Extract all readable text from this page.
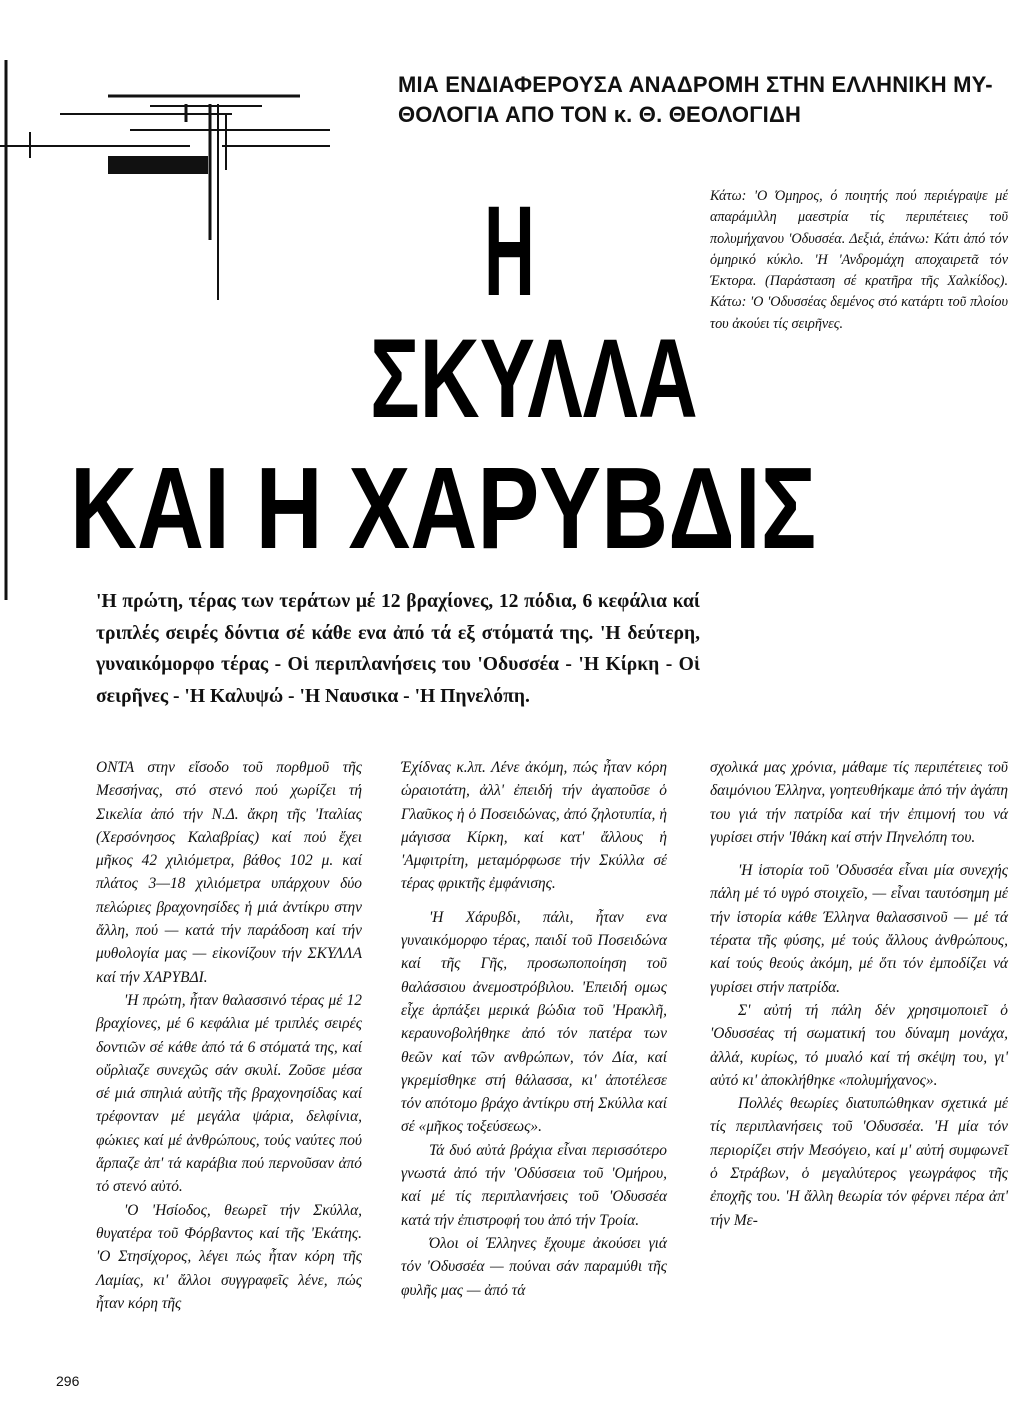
ΜΙΑ ΕΝΔΙΑΦΕΡΟΥΣΑ ΑΝΑΔΡΟΜΗ ΣΤΗΝ ΕΛΛΗΝΙΚΗ ΜΥ-ΘΟΛΟΓΙΑ ΑΠΟ ΤΟΝ κ. Θ. ΘΕΟΛΟΓΙΔΗ

Κάτω: 'Ο Όμηρος, ό ποιητής πού περιέγραψε μέ απαράμιλλη μαεστρία τίς περιπέτειες τοῦ πολυμήχανου 'Οδυσσέα. Δεξιά, ἐπάνω: Κάτι ἀπό τόν ὁμηρικό κύκλο. 'Η 'Ανδρομάχη αποχαιρετᾶ τόν Έκτορα. (Παράσταση σέ κρατῆρα τῆς Χαλκίδος). Κάτω: 'Ο 'Οδυσσέας δεμένος στό κατάρτι τοῦ πλοίου του ἀκούει τίς σειρῆνες.

Η
ΣΚΥΛΛΑ
ΚΑΙ Η ΧΑΡΥΒΔΙΣ

'Η πρώτη, τέρας των τεράτων μέ 12 βραχίονες, 12 πόδια, 6 κεφάλια καί τριπλές σειρές δόντια σέ κάθε ενα ἀπό τά εξ στόματά της. 'Η δεύτερη, γυναικόμορφο τέρας - Οἱ περιπλανήσεις του 'Οδυσσέα - 'Η Κίρκη - Οἱ σειρῆνες - 'Η Καλυψώ - 'Η Ναυσικα - 'Η Πηνελόπη.

ΟΝΤΑ στην εἴσοδο τοῦ πορθμοῦ τῆς Μεσσήνας, στό στενό πού χωρίζει τή Σικελία ἀπό τήν Ν.Δ. ἄκρη τῆς 'Ιταλίας (Χερσόνησος Καλαβρίας) καί πού ἔχει μῆκος 42 χιλιόμετρα, βάθος 102 μ. καί πλάτος 3—18 χιλιόμετρα υπάρχουν δύο πελώριες βραχονησίδες ἡ μιά ἀντίκρυ στην ἄλλη, πού — κατά τήν παράδοση καί τήν μυθολογία μας — εἰκονίζουν τήν ΣΚΥΛΛΑ καί τήν ΧΑΡΥΒΔΙ.

'Η πρώτη, ἦταν θαλασσινό τέρας μέ 12 βραχίονες, μέ 6 κεφάλια μέ τριπλές σειρές δοντιῶν σέ κάθε ἀπό τά 6 στόματά της, καί οὔρλιαζε συνεχῶς σάν σκυλί. Ζοῦσε μέσα σέ μιά σπηλιά αὐτῆς τῆς βραχονησίδας καί τρέφονταν μέ μεγάλα ψάρια, δελφίνια, φώκιες καί μέ ἀνθρώπους, τούς ναύτες πού ἅρπαζε ἀπ' τά καράβια πού περνοῦσαν ἀπό τό στενό αὐτό.

'Ο 'Ησίοδος, θεωρεῖ τήν Σκύλλα, θυγατέρα τοῦ Φόρβαντος καί τῆς 'Εκάτης. 'Ο Στησίχορος, λέγει πώς ἦταν κόρη τῆς Λαμίας, κι' ἄλλοι συγγραφεῖς λένε, πώς ἦταν κόρη τῆς

Έχίδνας κ.λπ. Λένε ἀκόμη, πώς ἦταν κόρη ὡραιοτάτη, ἀλλ' ἐπειδή τήν ἀγαποῦσε ὁ Γλαῦκος ἡ ὁ Ποσειδώνας, ἀπό ζηλοτυπία, ἡ μάγισσα Κίρκη, καί κατ' ἄλλους ἡ 'Αμφιτρίτη, μεταμόρφωσε τήν Σκύλλα σέ τέρας φρικτῆς ἐμφάνισης.

'Η Χάρυβδι, πάλι, ἦταν ενα γυναικόμορφο τέρας, παιδί τοῦ Ποσειδώνα καί τῆς Γῆς, προσωποποίηση τοῦ θαλάσσιου ἀνεμοστρόβιλου. 'Επειδή ομως εἶχε ἁρπάξει μερικά βώδια τοῦ 'Ηρακλῆ, κεραυνοβολήθηκε ἀπό τόν πατέρα των θεῶν καί τῶν ανθρώπων, τόν Δία, καί γκρεμίσθηκε στή θάλασσα, κι' ἀποτέλεσε τόν απότομο βράχο ἀντίκρυ στή Σκύλλα καί σέ «μῆκος τοξεύσεως».

Τά δυό αὐτά βράχια εἶναι περισσότερο γνωστά ἀπό τήν 'Οδύσσεια τοῦ 'Ομήρου, καί μέ τίς περιπλανήσεις τοῦ 'Οδυσσέα κατά τήν ἐπιστροφή του ἀπό τήν Τροία.

Όλοι οἱ Έλληνες ἔχουμε ἀκούσει γιά τόν 'Οδυσσέα — πούναι σάν παραμύθι τῆς φυλῆς μας — ἀπό τά

σχολικά μας χρόνια, μάθαμε τίς περιπέτειες τοῦ δαιμόνιου Έλληνα, γοητευθήκαμε ἀπό τήν ἀγάπη του γιά τήν πατρίδα καί τήν ἐπιμονή του νά γυρίσει στήν 'Ιθάκη καί στήν Πηνελόπη του.

'Η ἱστορία τοῦ 'Οδυσσέα εἶναι μία συνεχής πάλη μέ τό υγρό στοιχεῖο, — εἶναι ταυτόσημη μέ τήν ἱστορία κάθε Έλληνα θαλασσινοῦ — μέ τά τέρατα τῆς φύσης, μέ τούς ἄλλους ἀνθρώπους, καί τούς θεούς ἀκόμη, μέ ὅτι τόν ἐμποδίζει νά γυρίσει στήν πατρίδα.

Σ' αὐτή τή πάλη δέν χρησιμοποιεῖ ὁ 'Οδυσσέας τή σωματική του δύναμη μονάχα, ἀλλά, κυρίως, τό μυαλό καί τή σκέψη του, γι' αὐτό κι' ἀποκλήθηκε «πολυμήχανος».

Πολλές θεωρίες διατυπώθηκαν σχετικά μέ τίς περιπλανήσεις τοῦ 'Οδυσσέα. 'Η μία τόν περιορίζει στήν Μεσόγειο, καί μ' αὐτή συμφωνεῖ ὁ Στράβων, ὁ μεγαλύτερος γεωγράφος τῆς ἐποχῆς του. 'Η ἄλλη θεωρία τόν φέρνει πέρα ἀπ' τήν Με-

296
